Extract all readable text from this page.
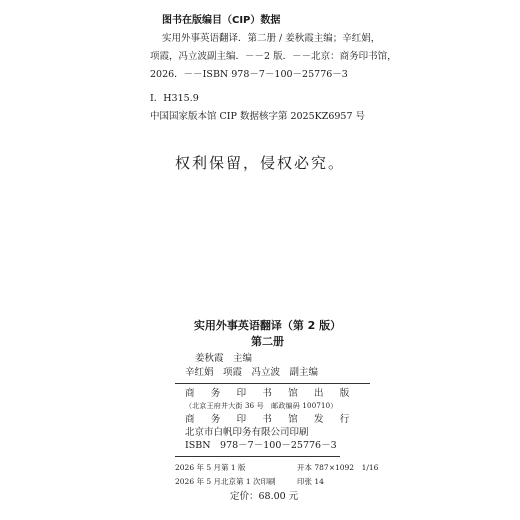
图书在版编目（CIP）数据
实用外事英语翻译．第二册 / 姜秋霞主编；辛红娟，
项霞，冯立波副主编．－－2 版．－－北京：商务印书馆，
2026．－－ISBN 978－7－100－25776－3
Ⅰ．H315.9
中国国家版本馆 CIP 数据核字第 2025KZ6957 号
权利保留，侵权必究。
实用外事英语翻译（第 2 版）
第二册
姜秋霞　主编
辛红娟　项霞　冯立波　副主编
商　务　印　书　馆　出　版
（北京王府井大街 36 号　邮政编码 100710）
商　务　印　书　馆　发　行
北京市白帆印务有限公司印刷
ISBN　978－7－100－25776－3
2026 年 5 月第 1 版	开本 787×1092　1/16
2026 年 5 月北京第 1 次印刷	印张 14
定价：68.00 元
